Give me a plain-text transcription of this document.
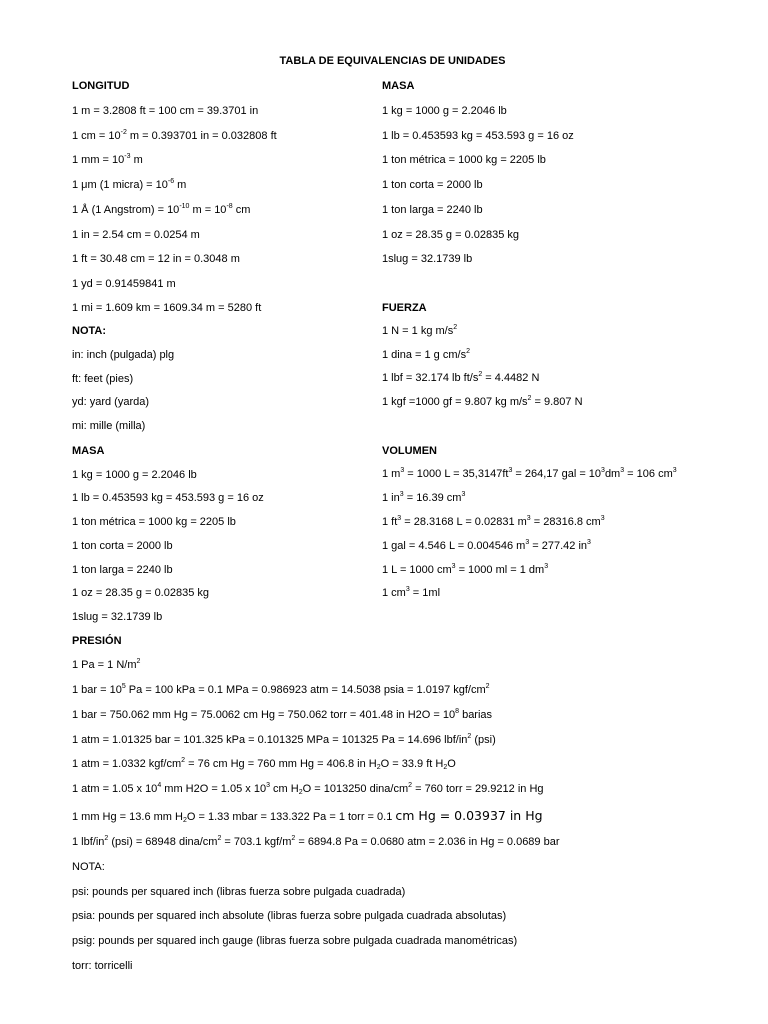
TABLA DE EQUIVALENCIAS DE UNIDADES
LONGITUD
1 m = 3.2808 ft = 100 cm = 39.3701 in
1 cm = $10^{-2}$ m = 0.393701 in = 0.032808 ft
1 mm = $10^{-3}$ m
1 μm (1 micra) = $10^{-6}$ m
1 Å (1 Angstrom) = $10^{-10}$ $m = 10^{-8}$ cm
1 in = 2.54 cm = 0.0254 m
1 ft = 30.48 cm = 12 in = 0.3048 m
1 yd = 0.91459841 m
1 mi = 1.609 km = 1609.34 m = 5280 ft
NOTA:
in: inch (pulgada) plg
ft: feet (pies)
yd: yard (yarda)
mi: mille (milla)
MASA
1 kg = 1000 g = 2.2046 lb
1 lb = 0.453593 kg = 453.593 g = 16 oz
1 ton métrica = 1000 kg = 2205 lb
1 ton corta = 2000 lb
1 ton larga = 2240 lb
1 oz = 28.35 g = 0.02835 kg
1slug = 32.1739 lb
MASA
1 kg = 1000 g = 2.2046 lb
1 lb = 0.453593 kg = 453.593 g = 16 oz
1 ton métrica = 1000 kg = 2205 lb
1 ton corta = 2000 lb
1 ton larga = 2240 lb
1 oz = 28.35 g = 0.02835 kg
1slug = 32.1739 lb
FUERZA
1 N = 1 kg $m/s^2$
1 dina = 1 g $cm/s^2$
1 lbf = 32.174 lb $ft/s^2 = 4.4482$ N
1 kgf =1000 gf = 9.807 kg $m/s^2 = 9.807$ N
VOLUMEN
1 $m^3 = 1000$ $L = 35,3147ft^3 = 264,17$ gal = $10^3dm^3 = 106$ $cm^3$
1 $in^3 = 16.39$ $cm^3$
1 $ft^3 = 28.3168$ L = 0.02831 $m^3 = 28316.8$ $cm^3$
1 gal = 4.546 L = 0.004546 $m^3 = 277.42$ $in^3$
1 L = 1000 $cm^3 = 1000$ ml = 1 $dm^3$
1 $cm^3 = 1ml$
PRESIÓN
1 Pa = 1 $N/m^2$
1 bar = $10^5$ Pa = 100 kPa = 0.1 MPa = 0.986923 atm = 14.5038 psia = 1.0197 kgf/$cm^2$
1 bar = 750.062 mm Hg = 75.0062 cm Hg = 750.062 torr = 401.48 in $H2O = 10^8$ barias
1 atm = 1.01325 bar = 101.325 kPa = 0.101325 MPa = 101325 Pa = 14.696 lbf/$in^2$ (psi)
1 atm = 1.0332 kgf/$cm^2 = 76$ cm Hg = 760 mm Hg = 406.8 in $H_2O = 33.9$ ft $H_2O$
1 atm = 1.05 x $10^4$ mm H2O = 1.05 x $10^3$ cm $H_2O = 1013250$ dina/$cm^2 = 760$ torr = 29.9212 in Hg
1 mm Hg = 13.6 mm $H_2O = 1.33$ mbar = 133.322 Pa = 1 torr = 0.1 cm Hg = 0.03937 in Hg
1 lbf/$in^2$ (psi) = 68948 dina/$cm^2 = 703.1$ kgf/$m^2 = 6894.8$ Pa = 0.0680 atm = 2.036 in Hg = 0.0689 bar
NOTA:
psi: pounds per squared inch (libras fuerza sobre pulgada cuadrada)
psia: pounds per squared inch absolute (libras fuerza sobre pulgada cuadrada absolutas)
psig: pounds per squared inch gauge (libras fuerza sobre pulgada cuadrada manométricas)
torr: torricelli
